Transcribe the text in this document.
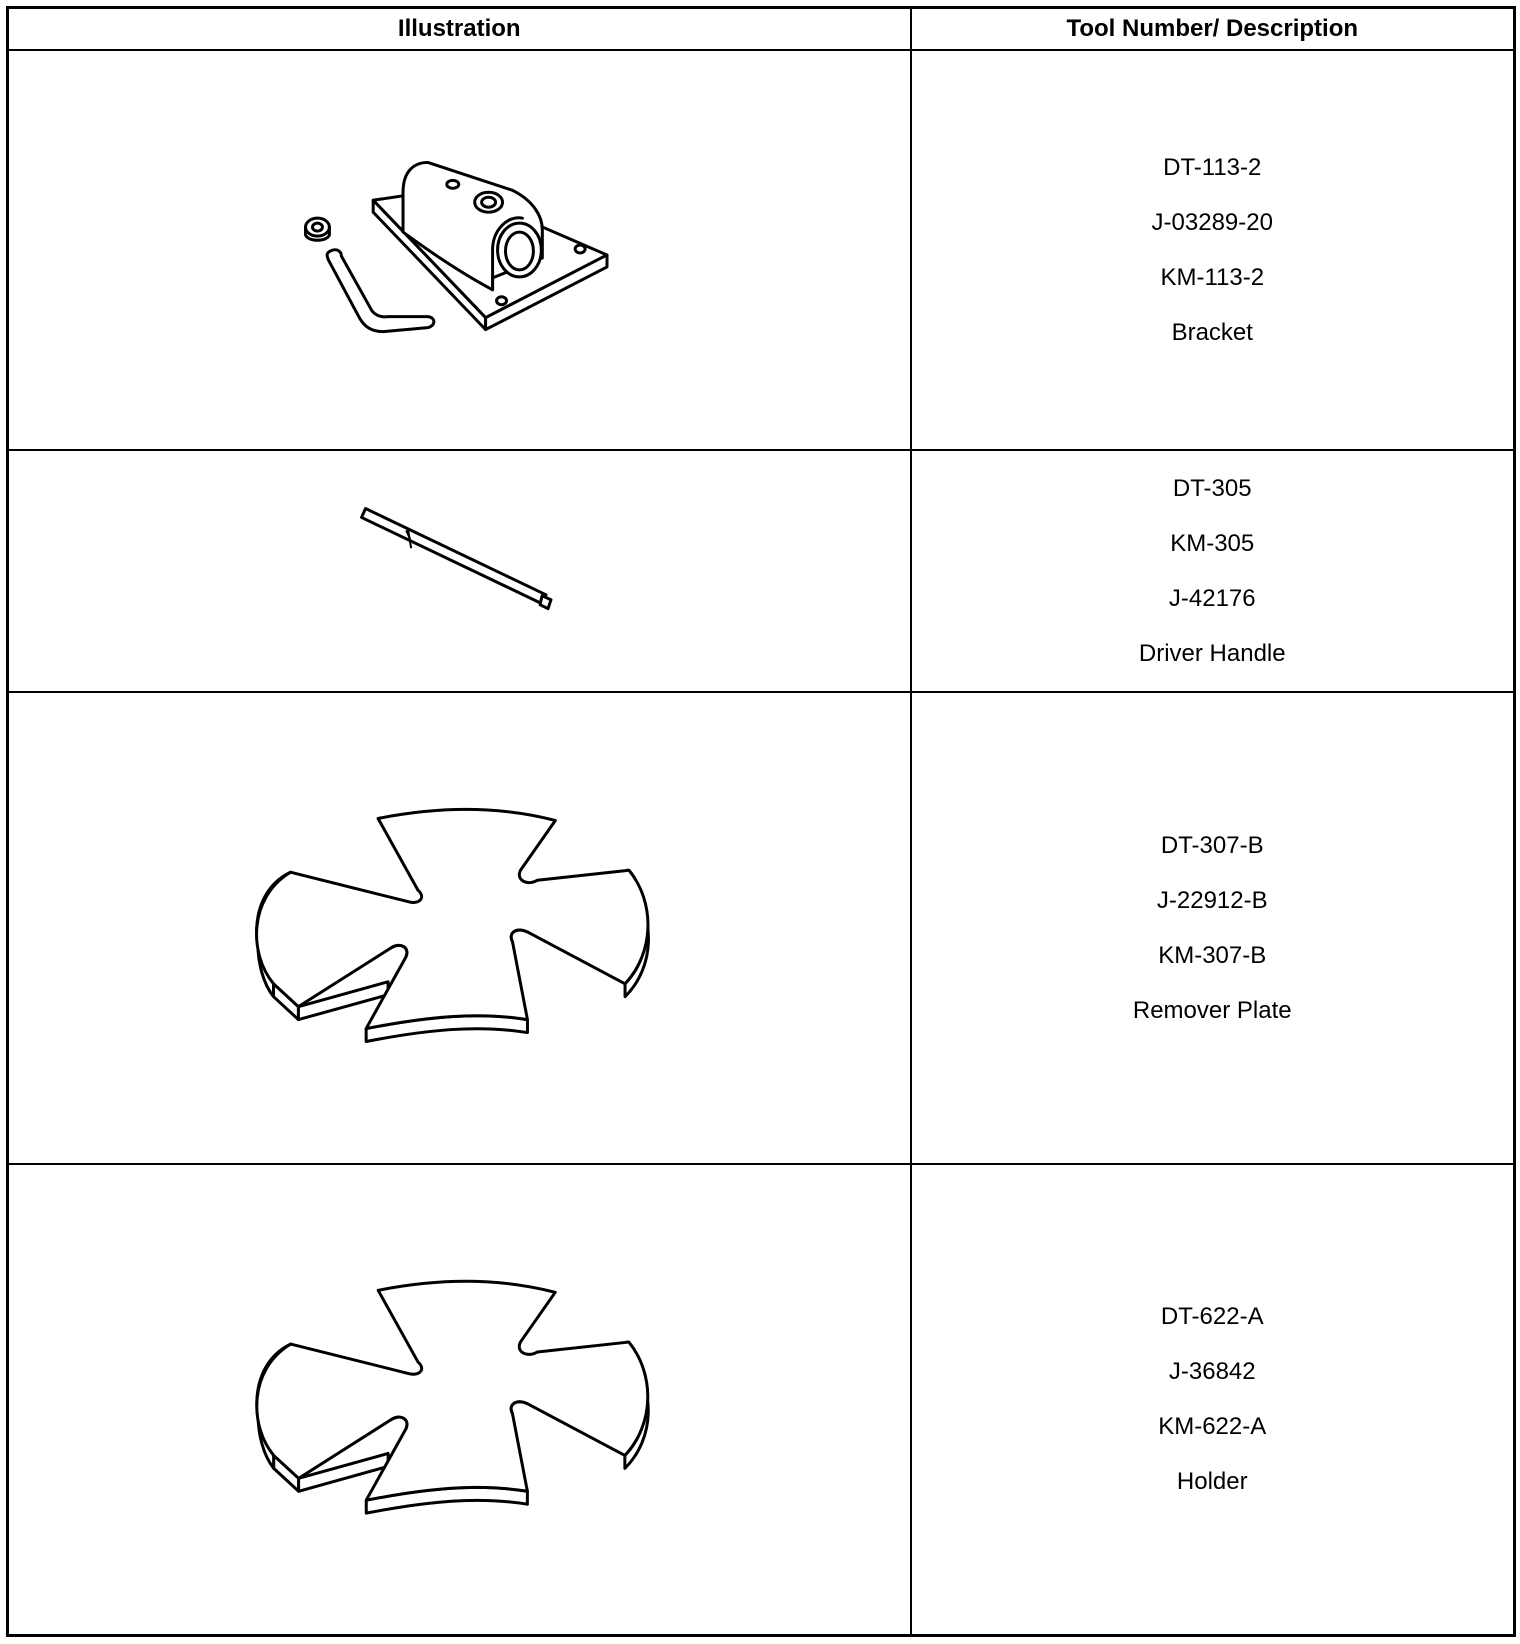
Illustration	Tool Number/ Description

DT-113-2
J-03289-20
KM-113-2
Bracket

DT-305
KM-305
J-42176
Driver Handle

DT-307-B
J-22912-B
KM-307-B
Remover Plate

DT-622-A
J-36842
KM-622-A
Holder
